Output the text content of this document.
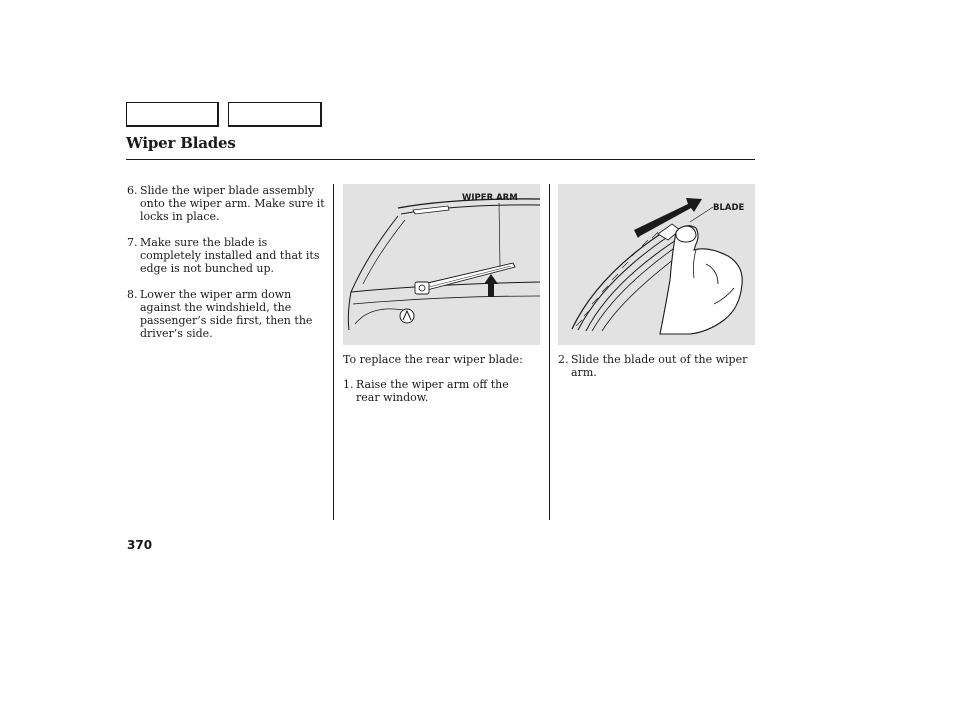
Wiper Blades
6. Slide the wiper blade assembly onto the wiper arm. Make sure it locks in place.
7. Make sure the blade is completely installed and that its edge is not bunched up.
8. Lower the wiper arm down against the windshield, the passenger’s side first, then the driver’s side.
WIPER ARM

To replace the rear wiper blade:

1. Raise the wiper arm off the rear window.
BLADE
2. Slide the blade out of the wiper arm.
370
